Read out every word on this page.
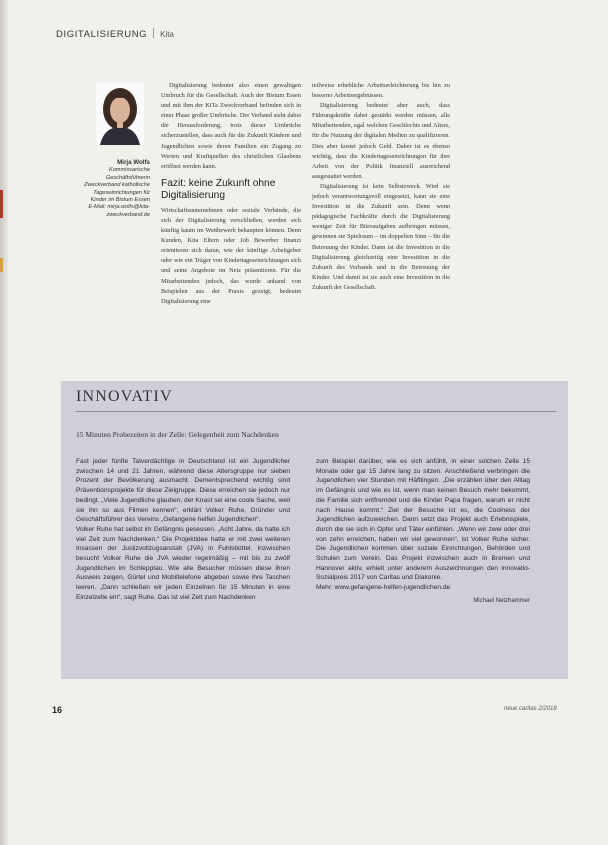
DIGITALISIERUNG Kita
Mirja Wolfs
Kommissarische
Geschäftsführerin
Zweckverband katholische
Tageseinrichtungen für
Kinder im Bistum Essen
E-Mail: mirja.wolfs@kita-
zweckverband.de

Digitalisierung bedeutet also einen gewaltigen Umbruch für die Gesellschaft. Auch der Bistum Essen und mit ihm der KiTa Zweckverband befinden sich in einer Phase großer Umbrüche. Der Verband sieht dabei die Herausforderung, trotz dieser Umbrüche sicherzustellen, dass auch für die Zukunft Kindern und Jugendlichen sowie deren Familien ein Zugang zu Werten und Kraftquellen des christlichen Glaubens eröffnet werden kann.

Fazit: keine Zukunft ohne Digitalisierung

Wirtschaftsunternehmen oder soziale Verbände, die sich der Digitalisierung verschließen, werden sich künftig kaum im Wettbewerb behaupten können. Denn Kunden, Kita Eltern oder Job Bewerber finanzi orientieren sich daran, wie der künftige Arbeitgeber oder wie ein Träger von Kindertageseinrichtungen sich und seine Angebote im Netz präsentieren. Für die Mitarbeitenden jedoch, das wurde anhand von Beispielen aus der Praxis gezeigt, bedeutet Digitalisierung eine

teilweise erhebliche Arbeitserleichterung bis hin zu besserer Arbeitsergebnissen.

Digitalisierung bedeutet aber auch, dass Führungskräfte dabei gestärkt werden müssen, alle Mitarbeitenden, egal welchen Geschlechts und Alters, für die Nutzung der digitalen Medien zu qualifizieren. Dies aber kostet jedoch Geld. Daher ist es ebenso wichtig, dass die Kindertageseinrichtungen für ihre Arbeit von der Politik finanziell ausreichend ausgestattet werden.

Digitalisierung ist kein Selbstzweck. Wird sie jedoch verantwortungsvoll eingesetzt, kann sie eine Investition in die Zukunft sein. Denn wenn pädagogische Fachkräfte durch die Digitalisierung weniger Zeit für Büroaufgaben aufbringen müssen, gewinnen sie Spielraum – im doppelten Sinn – für die Betreuung der Kinder. Dann ist die Investition in die Digitalisierung gleichzeitig eine Investition in die Zukunft des Verbands und in die Betreuung der Kinder. Und damit ist sie auch eine Investition in die Zukunft der Gesellschaft.

INNOVATIV
15 Minuten Probezeiten in der Zelle: Gelegenheit zum Nachdenken

Fast jeder fünfte Tatverdächtige in Deutschland ist ein Jugendlicher zwischen 14 und 21 Jahren, während diese Altersgruppe nur sieben Prozent der Bevölkerung ausmacht. Dementsprechend wichtig sind Präventionsprojekte für diese Zielgruppe. Diese erreichen sie jedoch nur bedingt. „Viele Jugendliche glauben, der Knast sei eine coole Sache, weil sie ihn so aus Filmen kennen“, erklärt Volker Ruhe, Gründer und Geschäftsführer des Vereins „Gefangene helfen Jugendlichen“.

Volker Ruhe hat selbst im Gefängnis gesessen. „Acht Jahre, da hatte ich viel Zeit zum Nachdenken.“ Die Projektidee hatte er mit zwei weiteren Insassen der Justizvollzugsanstalt (JVA) in Fuhlsbüttel. Inzwischen besucht Volker Ruhe die JVA wieder regelmäßig – mit bis zu zwölf Jugendlichen im Schlepptau. Wie alle Besucher müssen diese ihren Ausweis zeigen, Gürtel und Mobiltelefone abgeben sowie ihre Taschen leeren. „Dann schließen wir jeden Einzelnen für 15 Minuten in eine Einzelzelle ein“, sagt Ruhe. Das ist viel Zeit zum Nachdenken

zum Beispiel darüber, wie es sich anfühlt, in einer solchen Zelle 15 Monate oder gar 15 Jahre lang zu sitzen. Anschließend verbringen die Jugendlichen vier Stunden mit Häftlingen. „Die erzählen über den Alltag im Gefängnis und wie es ist, wenn man keinen Besuch mehr bekommt, die Familie sich entfremdet und die Kinder Papa fragen, warum er nicht nach Hause kommt.“ Ziel der Besuche ist es, die Coolness der Jugendlichen aufzuweichen. Dann setzt das Projekt auch Erlebnispiele, durch die sie sich in Opfer und Täter einfühlen. „Wenn wir zwei oder drei von zehn erreichen, haben wir viel gewonnen“, ist Volker Ruhe sicher. Die Jugendlichen kommen über soziale Einrichtungen, Behörden und Schulen zum Verein. Das Projekt inzwischen auch in Bremen und Hannover aktiv, erhielt unter anderem Auszeichnungen den innovatio-Sozialpreis 2017 von Caritas und Diakonie.

Mehr: www.gefangene-helfen-jugendlichen.de

Michael Netzhammer
16	neue caritas 2/2018
